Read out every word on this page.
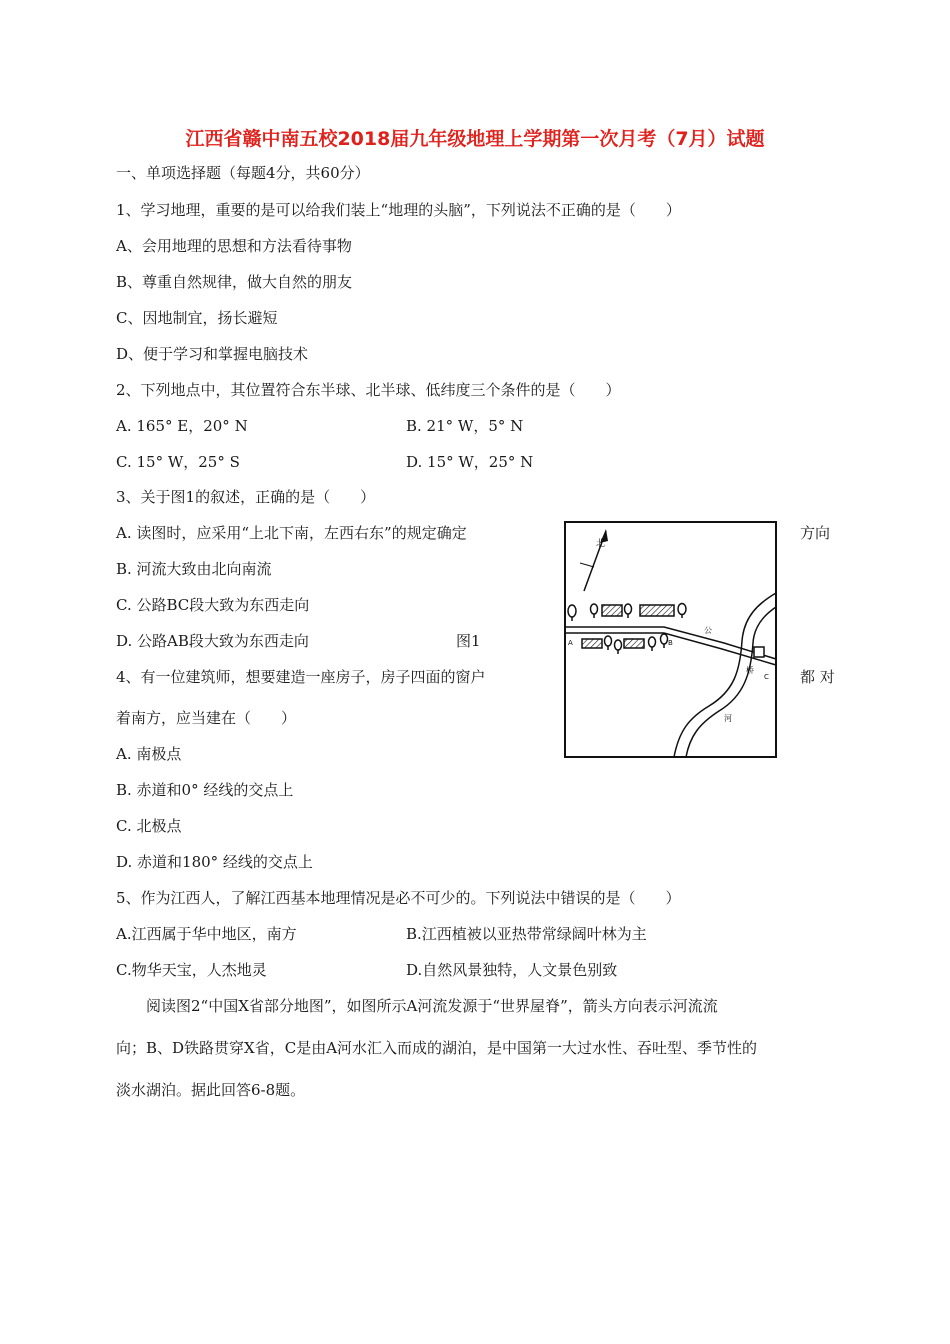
江西省赣中南五校2018届九年级地理上学期第一次月考（7月）试题
一、单项选择题（每题4分，共60分）
1、学习地理，重要的是可以给我们装上“地理的头脑”，下列说法不正确的是（　　）
A、会用地理的思想和方法看待事物
B、尊重自然规律，做大自然的朋友
C、因地制宜，扬长避短
D、便于学习和掌握电脑技术
2、下列地点中，其位置符合东半球、北半球、低纬度三个条件的是（　　）
A. 165° E，20° N	B. 21° W，5° N
C. 15° W，25° S	D. 15° W，25° N
3、关于图1的叙述，正确的是（　　）
A. 读图时，应采用“上北下南，左西右东”的规定确定	方向
B. 河流大致由北向南流
C. 公路BC段大致为东西走向
D. 公路AB段大致为东西走向	图1
4、有一位建筑师，想要建造一座房子，房子四面的窗户	都 对
着南方，应当建在（　　）
A. 南极点
B. 赤道和0° 经线的交点上
C. 北极点
D. 赤道和180° 经线的交点上
5、作为江西人，了解江西基本地理情况是必不可少的。下列说法中错误的是（　　）
A.江西属于华中地区，南方	B.江西植被以亚热带常绿阔叶林为主
C.物华天宝，人杰地灵	D.自然风景独特，人文景色别致
阅读图2“中国X省部分地图”，如图所示A河流发源于“世界屋脊”，箭头方向表示河流流
向；B、D铁路贯穿X省，C是由A河水汇入而成的湖泊，是中国第一大过水性、吞吐型、季节性的
淡水湖泊。据此回答6-8题。
北
公
河
桥
A	B
C
